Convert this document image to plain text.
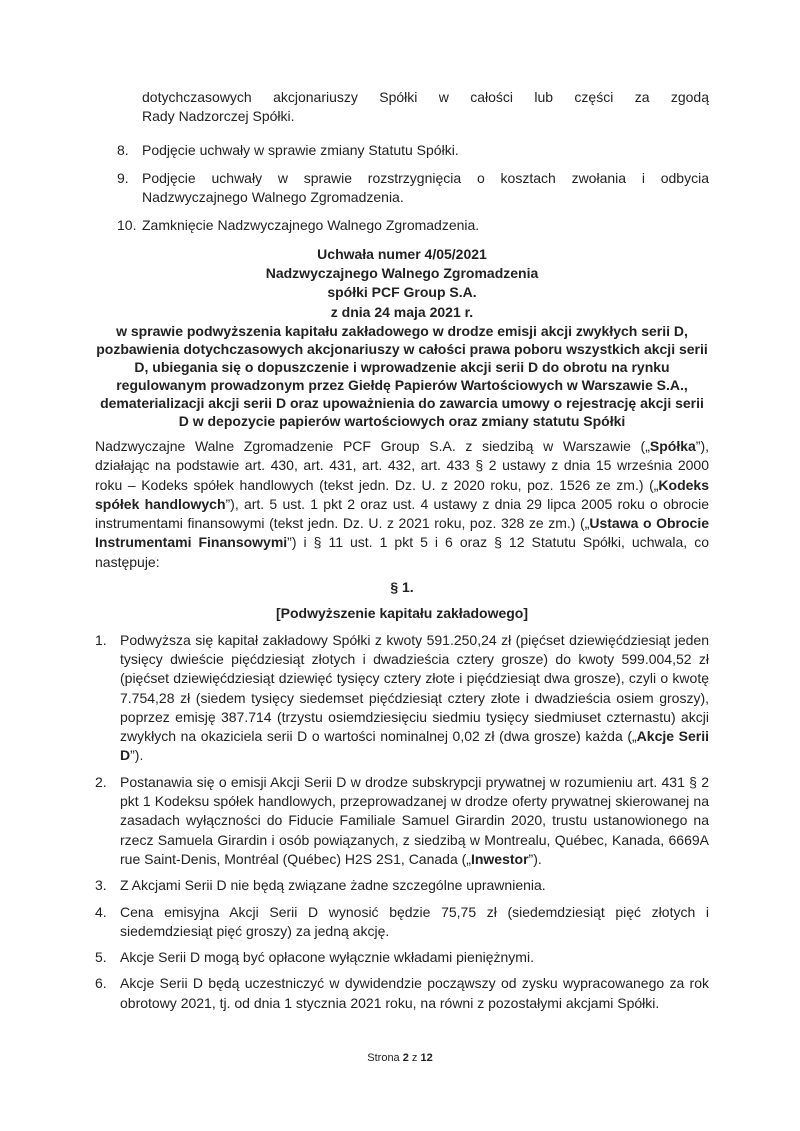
dotychczasowych akcjonariuszy Spółki w całości lub części za zgodą
Rady Nadzorczej Spółki.
8. Podjęcie uchwały w sprawie zmiany Statutu Spółki.
9. Podjęcie uchwały w sprawie rozstrzygnięcia o kosztach zwołania i odbycia Nadzwyczajnego Walnego Zgromadzenia.
10. Zamknięcie Nadzwyczajnego Walnego Zgromadzenia.
Uchwała numer 4/05/2021
Nadzwyczajnego Walnego Zgromadzenia
spółki PCF Group S.A.
z dnia 24 maja 2021 r.
w sprawie podwyższenia kapitału zakładowego w drodze emisji akcji zwykłych serii D, pozbawienia dotychczasowych akcjonariuszy w całości prawa poboru wszystkich akcji serii D, ubiegania się o dopuszczenie i wprowadzenie akcji serii D do obrotu na rynku regulowanym prowadzonym przez Giełdę Papierów Wartościowych w Warszawie S.A., dematerializacji akcji serii D oraz upoważnienia do zawarcia umowy o rejestrację akcji serii D w depozycie papierów wartościowych oraz zmiany statutu Spółki
Nadzwyczajne Walne Zgromadzenie PCF Group S.A. z siedzibą w Warszawie („Spółka”), działając na podstawie art. 430, art. 431, art. 432, art. 433 § 2 ustawy z dnia 15 września 2000 roku – Kodeks spółek handlowych (tekst jedn. Dz. U. z 2020 roku, poz. 1526 ze zm.) („Kodeks spółek handlowych”), art. 5 ust. 1 pkt 2 oraz ust. 4 ustawy z dnia 29 lipca 2005 roku o obrocie instrumentami finansowymi (tekst jedn. Dz. U. z 2021 roku, poz. 328 ze zm.) („Ustawa o Obrocie Instrumentami Finansowymi”) i § 11 ust. 1 pkt 5 i 6 oraz § 12 Statutu Spółki, uchwala, co następuje:
§ 1.
[Podwyższenie kapitału zakładowego]
1. Podwyższa się kapitał zakładowy Spółki z kwoty 591.250,24 zł (pięćset dziewięćdziesiąt jeden tysięcy dwieście pięćdziesiąt złotych i dwadzieścia cztery grosze) do kwoty 599.004,52 zł (pięćset dziewięćdziesiąt dziewięć tysięcy cztery złote i pięćdziesiąt dwa grosze), czyli o kwotę 7.754,28 zł (siedem tysięcy siedemset pięćdziesiąt cztery złote i dwadzieścia osiem groszy), poprzez emisję 387.714 (trzystu osiemdziesięciu siedmiu tysięcy siedmiuset czternastu) akcji zwykłych na okaziciela serii D o wartości nominalnej 0,02 zł (dwa grosze) każda („Akcje Serii D”).
2. Postanawia się o emisji Akcji Serii D w drodze subskrypcji prywatnej w rozumieniu art. 431 § 2 pkt 1 Kodeksu spółek handlowych, przeprowadzanej w drodze oferty prywatnej skierowanej na zasadach wyłączności do Fiducie Familiale Samuel Girardin 2020, trustu ustanowionego na rzecz Samuela Girardin i osób powiązanych, z siedzibą w Montrealu, Québec, Kanada, 6669A rue Saint-Denis, Montréal (Québec) H2S 2S1, Canada („Inwestor”).
3. Z Akcjami Serii D nie będą związane żadne szczególne uprawnienia.
4. Cena emisyjna Akcji Serii D wynosić będzie 75,75 zł (siedemdziesiąt pięć złotych i siedemdziesiąt pięć groszy) za jedną akcję.
5. Akcje Serii D mogą być opłacone wyłącznie wkładami pieniężnymi.
6. Akcje Serii D będą uczestniczyć w dywidendzie począwszy od zysku wypracowanego za rok obrotowy 2021, tj. od dnia 1 stycznia 2021 roku, na równi z pozostałymi akcjami Spółki.
Strona 2 z 12
